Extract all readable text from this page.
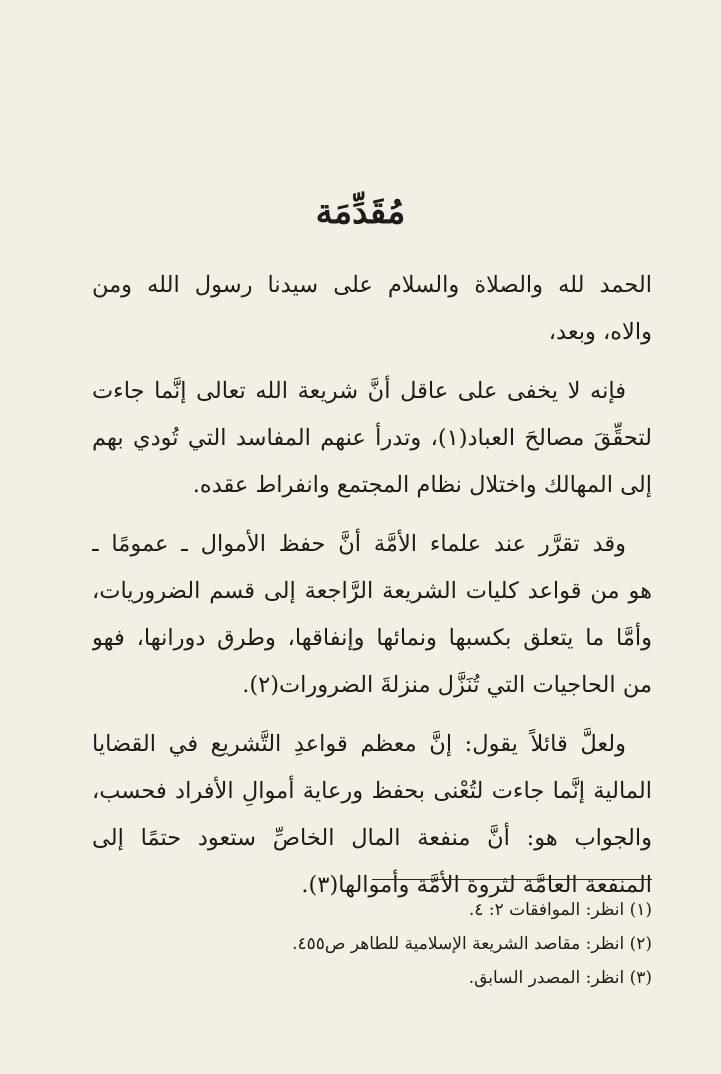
مُقَدِّمَة

الحمد لله والصلاة والسلام على سيدنا رسول الله ومن
والاه، وبعد،

فإنه لا يخفى على عاقل أنَّ شريعة الله تعالى إنَّما جاءت
لتحقِّقَ مصالحَ العباد(١)، وتدرأ عنهم المفاسد التي تُودي بهم
إلى المهالك واختلال نظام المجتمع وانفراط عقده.

وقد تقرَّر عند علماء الأمَّة أنَّ حفظ الأموال ـ عمومًا ـ
هو من قواعد كليات الشريعة الرَّاجعة إلى قسم الضروريات،
وأمَّا ما يتعلق بكسبها ونمائها وإنفاقها، وطرق دورانها، فهو
من الحاجيات التي تُنَزَّل منزلةَ الضرورات(٢).

ولعلَّ قائلاً يقول: إنَّ معظم قواعدِ التَّشريع في القضايا
المالية إنَّما جاءت لتُعْنى بحفظ ورعاية أموالِ الأفراد فحسب،
والجواب هو: أنَّ منفعة المال الخاصِّ ستعود حتمًا إلى
المنفعة العامَّة لثروة الأمَّة وأموالها(٣).

(١) انظر: الموافقات ٢: ٤.
(٢) انظر: مقاصد الشريعة الإسلامية للطاهر ص٤٥٥.
(٣) انظر: المصدر السابق.
